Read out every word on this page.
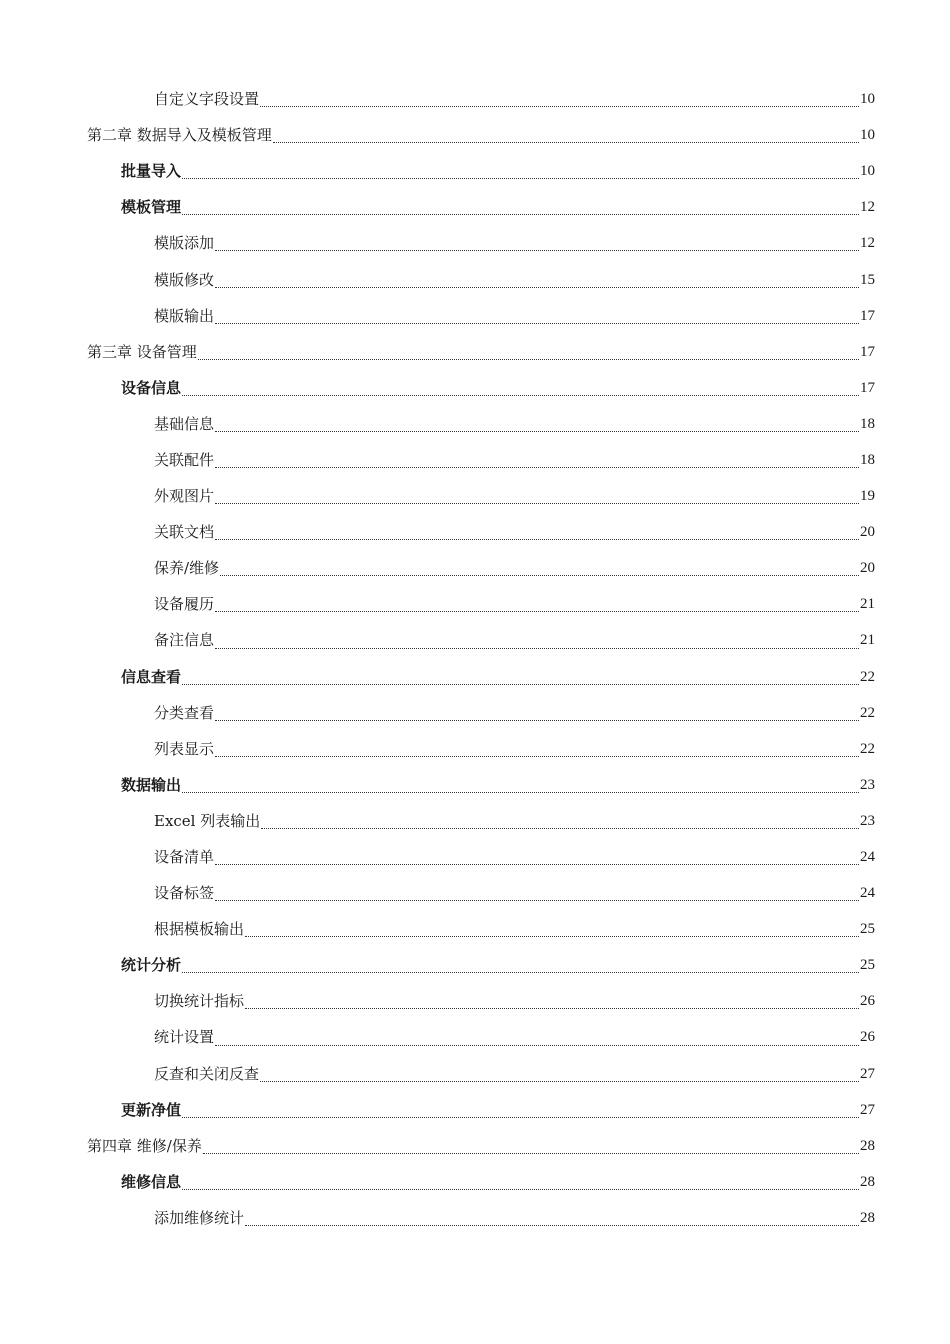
自定义字段设置	10
第二章 数据导入及模板管理	10
批量导入	10
模板管理	12
模版添加	12
模版修改	15
模版输出	17
第三章 设备管理	17
设备信息	17
基础信息	18
关联配件	18
外观图片	19
关联文档	20
保养/维修	20
设备履历	21
备注信息	21
信息查看	22
分类查看	22
列表显示	22
数据输出	23
Excel 列表输出	23
设备清单	24
设备标签	24
根据模板输出	25
统计分析	25
切换统计指标	26
统计设置	26
反查和关闭反查	27
更新净值	27
第四章 维修/保养	28
维修信息	28
添加维修统计	28
